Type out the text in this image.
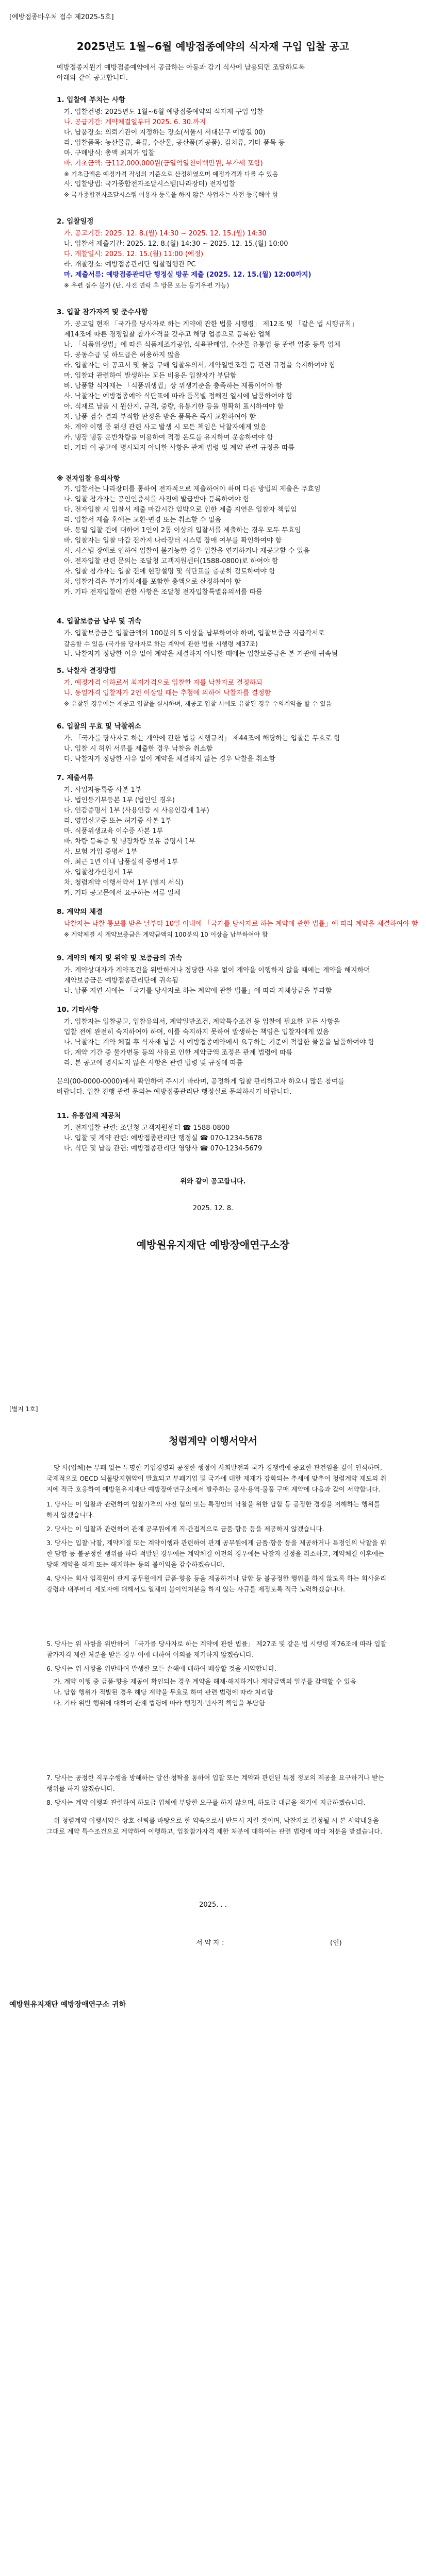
[예방접종바우처 접수 제2025-5호]
2025년도 1월~6월 예방접종예약의 식자재 구입 입찰 공고
예방접종지원기 예방접종예약에서 공급하는 아동과 감기 식사에 남용되면 조달하도록
아래와 같이 공고합니다.
1. 입찰에 부치는 사항
가. 입찰건명: 2025년도 1월~6월 예방접종예약의 식자재 구입 입찰
나. 공급기간: 계약체결일부터 2025. 6. 30.까지
다. 납품장소: 의뢰기관이 지정하는 장소(서울시 서대문구 예방길 00)
라. 입찰품목: 농산물류, 육류, 수산물, 공산품(가공품), 김치류, 기타 품목 등
마. 구매방식: 총액 최저가 입찰
바. 기초금액: 금112,000,000원(금일억일천이백만원, 부가세 포함)
※ 기초금액은 예정가격 작성의 기준으로 산정하였으며 예정가격과 다를 수 있음
사. 입찰방법: 국가종합전자조달시스템(나라장터) 전자입찰
※ 국가종합전자조달시스템 이용자 등록을 하지 않은 사업자는 사전 등록해야 함
2. 입찰일정
가. 공고기간: 2025. 12. 8.(월) 14:30 ~ 2025. 12. 15.(월) 14:30
나. 입찰서 제출기간: 2025. 12. 8.(월) 14:30 ~ 2025. 12. 15.(월) 10:00
다. 개찰일시: 2025. 12. 15.(월) 11:00 (예정)
라. 개찰장소: 예방접종관리단 입찰집행관 PC
마. 제출서류: 예방접종관리단 행정실 방문 제출 (2025. 12. 15.(월) 12:00까지)
※ 우편 접수 불가 (단, 사전 연락 후 방문 또는 등기우편 가능)
3. 입찰 참가자격 및 준수사항
가. 공고일 현재 「국가를 당사자로 하는 계약에 관한 법률 시행령」 제12조 및 「같은 법 시행규칙」
제14조에 따른 경쟁입찰 참가자격을 갖추고 해당 업종으로 등록한 업체
나. 「식품위생법」에 따른 식품제조가공업, 식육판매업, 수산물 유통업 등 관련 업종 등록 업체
다. 공동수급 및 하도급은 허용하지 않음
라. 입찰자는 이 공고서 및 물품 구매 입찰유의서, 계약일반조건 등 관련 규정을 숙지하여야 함
마. 입찰과 관련하여 발생하는 모든 비용은 입찰자가 부담함
바. 납품할 식자재는 「식품위생법」상 위생기준을 충족하는 제품이어야 함
사. 낙찰자는 예방접종예약 식단표에 따라 품목별 정해진 일시에 납품하여야 함
아. 식재료 납품 시 원산지, 규격, 중량, 유통기한 등을 명확히 표시하여야 함
자. 납품 검수 결과 부적합 판정을 받은 품목은 즉시 교환하여야 함
차. 계약 이행 중 위생 관련 사고 발생 시 모든 책임은 낙찰자에게 있음
카. 냉장 냉동 운반차량을 이용하여 적정 온도를 유지하여 운송하여야 함
타. 기타 이 공고에 명시되지 아니한 사항은 관계 법령 및 계약 관련 규정을 따름
※ 전자입찰 유의사항
가. 입찰서는 나라장터를 통하여 전자적으로 제출하여야 하며 다른 방법의 제출은 무효임
나. 입찰 참가자는 공인인증서를 사전에 발급받아 등록하여야 함
다. 전자입찰 시 입찰서 제출 마감시간 임박으로 인한 제출 지연은 입찰자 책임임
라. 입찰서 제출 후에는 교환·변경 또는 취소할 수 없음
마. 동일 입찰 건에 대하여 1인이 2통 이상의 입찰서를 제출하는 경우 모두 무효임
바. 입찰자는 입찰 마감 전까지 나라장터 시스템 장애 여부를 확인하여야 함
사. 시스템 장애로 인하여 입찰이 불가능한 경우 입찰을 연기하거나 재공고할 수 있음
아. 전자입찰 관련 문의는 조달청 고객지원센터(1588-0800)로 하여야 함
자. 입찰 참가자는 입찰 전에 현장설명 및 식단표를 충분히 검토하여야 함
차. 입찰가격은 부가가치세를 포함한 총액으로 산정하여야 함
카. 기타 전자입찰에 관한 사항은 조달청 전자입찰특별유의서를 따름
4. 입찰보증금 납부 및 귀속
가. 입찰보증금은 입찰금액의 100분의 5 이상을 납부하여야 하며, 입찰보증금 지급각서로
갈음할 수 있음 (국가를 당사자로 하는 계약에 관한 법률 시행령 제37조)
나. 낙찰자가 정당한 이유 없이 계약을 체결하지 아니한 때에는 입찰보증금은 본 기관에 귀속됨
5. 낙찰자 결정방법
가. 예정가격 이하로서 최저가격으로 입찰한 자를 낙찰자로 결정하되
나. 동일가격 입찰자가 2인 이상일 때는 추첨에 의하여 낙찰자를 결정함
※ 유찰된 경우에는 재공고 입찰을 실시하며, 재공고 입찰 시에도 유찰된 경우 수의계약을 할 수 있음
6. 입찰의 무효 및 낙찰취소
가. 「국가를 당사자로 하는 계약에 관한 법률 시행규칙」 제44조에 해당하는 입찰은 무효로 함
나. 입찰 시 허위 서류를 제출한 경우 낙찰을 취소함
다. 낙찰자가 정당한 사유 없이 계약을 체결하지 않는 경우 낙찰을 취소함
7. 제출서류
가. 사업자등록증 사본 1부
나. 법인등기부등본 1부 (법인인 경우)
다. 인감증명서 1부 (사용인감 시 사용인감계 1부)
라. 영업신고증 또는 허가증 사본 1부
마. 식품위생교육 이수증 사본 1부
바. 차량 등록증 및 냉장차량 보유 증명서 1부
사. 보험 가입 증명서 1부
아. 최근 1년 이내 납품실적 증명서 1부
자. 입찰참가신청서 1부
차. 청렴계약 이행서약서 1부 (별지 서식)
카. 기타 공고문에서 요구하는 서류 일체
8. 계약의 체결
낙찰자는 낙찰 통보를 받은 날부터 10일 이내에 「국가를 당사자로 하는 계약에 관한 법률」에 따라 계약을 체결하여야 함
※ 계약체결 시 계약보증금은 계약금액의 100분의 10 이상을 납부하여야 함
9. 계약의 해지 및 위약 및 보증금의 귀속
가. 계약상대자가 계약조건을 위반하거나 정당한 사유 없이 계약을 이행하지 않을 때에는 계약을 해지하며
계약보증금은 예방접종관리단에 귀속됨
나. 납품 지연 시에는 「국가를 당사자로 하는 계약에 관한 법률」에 따라 지체상금을 부과함
10. 기타사항
가. 입찰자는 입찰공고, 입찰유의서, 계약일반조건, 계약특수조건 등 입찰에 필요한 모든 사항을
입찰 전에 완전히 숙지하여야 하며, 이를 숙지하지 못하여 발생하는 책임은 입찰자에게 있음
나. 낙찰자는 계약 체결 후 식자재 납품 시 예방접종예약에서 요구하는 기준에 적합한 물품을 납품하여야 함
다. 계약 기간 중 물가변동 등의 사유로 인한 계약금액 조정은 관계 법령에 따름
라. 본 공고에 명시되지 않은 사항은 관련 법령 및 규정에 따름
문의(00-0000-0000)에서 확인하여 주시기 바라며, 공정하게 입찰 관리하고자 하오니 많은 참여를
바랍니다. 입찰 진행 관련 문의는 예방접종관리단 행정실로 문의하시기 바랍니다.
11. 유흥업체 제공처
가. 전자입찰 관련: 조달청 고객지원센터 ☎ 1588-0800
나. 입찰 및 계약 관련: 예방접종관리단 행정실 ☎ 070-1234-5678
다. 식단 및 납품 관련: 예방접종관리단 영양사 ☎ 070-1234-5679
위와 같이 공고합니다.
2025. 12. 8.
예방원유지재단 예방장애연구소장
[별지 1호]
청렴계약 이행서약서
당 사(업체)는 부패 없는 투명한 기업경영과 공정한 행정이 사회발전과 국가 경쟁력에 중요한 관건임을 깊이 인식하며, 국제적으로 OECD 뇌물방지협약이 발효되고 부패기업 및 국가에 대한 제재가 강화되는 추세에 맞추어 청렴계약 제도의 취지에 적극 호응하여 예방원유지재단 예방장애연구소에서 발주하는 공사·용역·물품 구매 계약에 다음과 같이 서약합니다.
1. 당사는 이 입찰과 관련하여 입찰가격의 사전 협의 또는 특정인의 낙찰을 위한 담합 등 공정한 경쟁을 저해하는 행위를 하지 않겠습니다.
2. 당사는 이 입찰과 관련하여 관계 공무원에게 직·간접적으로 금품·향응 등을 제공하지 않겠습니다.
3. 당사는 입찰·낙찰, 계약체결 또는 계약이행과 관련하여 관계 공무원에게 금품·향응 등을 제공하거나 특정인의 낙찰을 위한 담합 등 불공정한 행위를 하다 적발된 경우에는 계약체결 이전의 경우에는 낙찰자 결정을 취소하고, 계약체결 이후에는 당해 계약을 해제 또는 해지하는 등의 불이익을 감수하겠습니다.
4. 당사는 회사 임직원이 관계 공무원에게 금품·향응 등을 제공하거나 담합 등 불공정한 행위를 하지 않도록 하는 회사윤리강령과 내부비리 제보자에 대해서도 일체의 불이익처분을 하지 않는 사규를 제정토록 적극 노력하겠습니다.
5. 당사는 위 사항을 위반하여 「국가를 당사자로 하는 계약에 관한 법률」 제27조 및 같은 법 시행령 제76조에 따라 입찰참가자격 제한 처분을 받은 경우 이에 대하여 이의를 제기하지 않겠습니다.
6. 당사는 위 사항을 위반하여 발생한 모든 손해에 대하여 배상할 것을 서약합니다.
가. 계약 이행 중 금품·향응 제공이 확인되는 경우 계약을 해제·해지하거나 계약금액의 일부를 감액할 수 있음
나. 담합 행위가 적발된 경우 해당 계약을 무효로 하며 관련 법령에 따라 처리함
다. 기타 위반 행위에 대하여 관계 법령에 따라 행정적·민사적 책임을 부담함
7. 당사는 공정한 직무수행을 방해하는 알선·청탁을 통하여 입찰 또는 계약과 관련된 특정 정보의 제공을 요구하거나 받는 행위를 하지 않겠습니다.
8. 당사는 계약 이행과 관련하여 하도급 업체에 부당한 요구를 하지 않으며, 하도급 대금을 적기에 지급하겠습니다.
위 청렴계약 이행서약은 상호 신뢰를 바탕으로 한 약속으로서 반드시 지킬 것이며, 낙찰자로 결정될 시 본 서약내용을 그대로 계약 특수조건으로 계약하여 이행하고, 입찰참가자격 제한 처분에 대하여는 관련 법령에 따라 처분을 받겠습니다.
2025. . .
서 약 자 :	(인)
예방원유지재단 예방장애연구소 귀하
